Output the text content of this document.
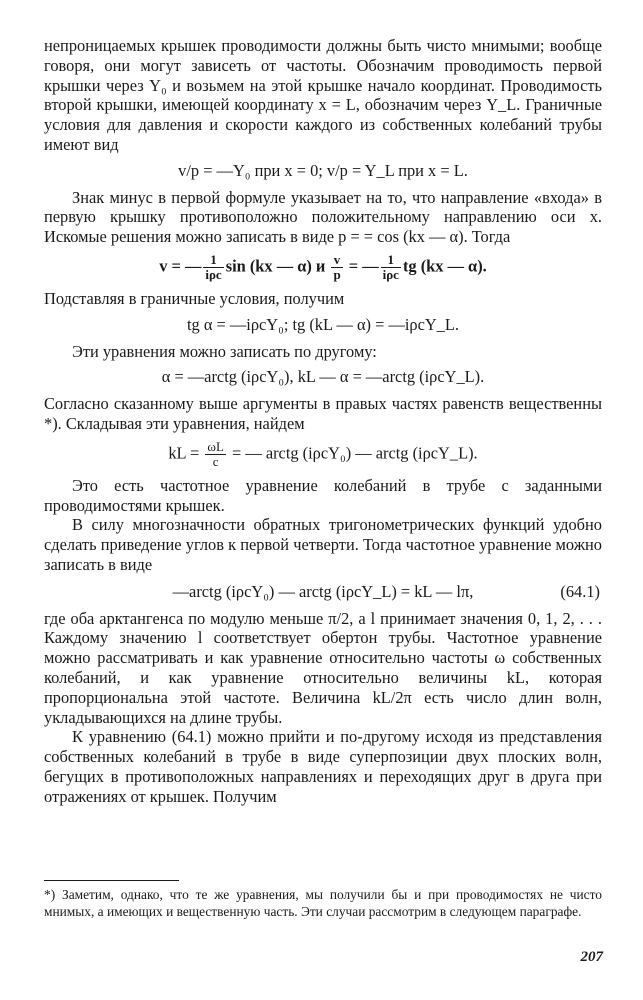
непроницаемых крышек проводимости должны быть чисто мнимыми; вообще говоря, они могут зависеть от частоты. Обозначим проводимость первой крышки через Y₀ и возьмем на этой крышке начало координат. Проводимость второй крышки, имеющей координату x = L, обозначим через Y_L. Граничные условия для давления и скорости каждого из собственных колебаний трубы имеют вид

v/p = —Y₀ при x = 0; v/p = Y_L при x = L.

Знак минус в первой формуле указывает на то, что направление «входа» в первую крышку противоположно положительному направлению оси x. Искомые решения можно записать в виде p = = cos (kx — α). Тогда

v = — $\frac{1}{\text{iρc}}$ sin (kx — α) и $\frac{v}{p}$ = — $\frac{1}{\text{iρc}}$ tg (kx — α).

Подставляя в граничные условия, получим

tg α = —iρcY₀; tg (kL — α) = —iρcY_L.

Эти уравнения можно записать по другому:

α = —arctg (iρcY₀), kL — α = —arctg (iρcY_L).

Согласно сказанному выше аргументы в правых частях равенств вещественны *). Складывая эти уравнения, найдем

kL = $\frac{\omega L}{c}$ = — arctg (iρcY₀) — arctg (iρcY_L).

Это есть частотное уравнение колебаний в трубе с заданными проводимостями крышек.

В силу многозначности обратных тригонометрических функций удобно сделать приведение углов к первой четверти. Тогда частотное уравнение можно записать в виде

—arctg (iρcY₀) — arctg (iρcY_L) = kL — lπ,	(64.1)

где оба арктангенса по модулю меньше π/2, а l принимает значения 0, 1, 2, . . . Каждому значению l соответствует обертон трубы. Частотное уравнение можно рассматривать и как уравнение относительно частоты ω собственных колебаний, и как уравнение относительно величины kL, которая пропорциональна этой частоте. Величина kL/2π есть число длин волн, укладывающихся на длине трубы.

К уравнению (64.1) можно прийти и по-другому исходя из представления собственных колебаний в трубе в виде суперпозиции двух плоских волн, бегущих в противоположных направлениях и переходящих друг в друга при отражениях от крышек. Получим

*) Заметим, однако, что те же уравнения, мы получили бы и при проводимостях не чисто мнимых, а имеющих и вещественную часть. Эти случаи рассмотрим в следующем параграфе.
207
